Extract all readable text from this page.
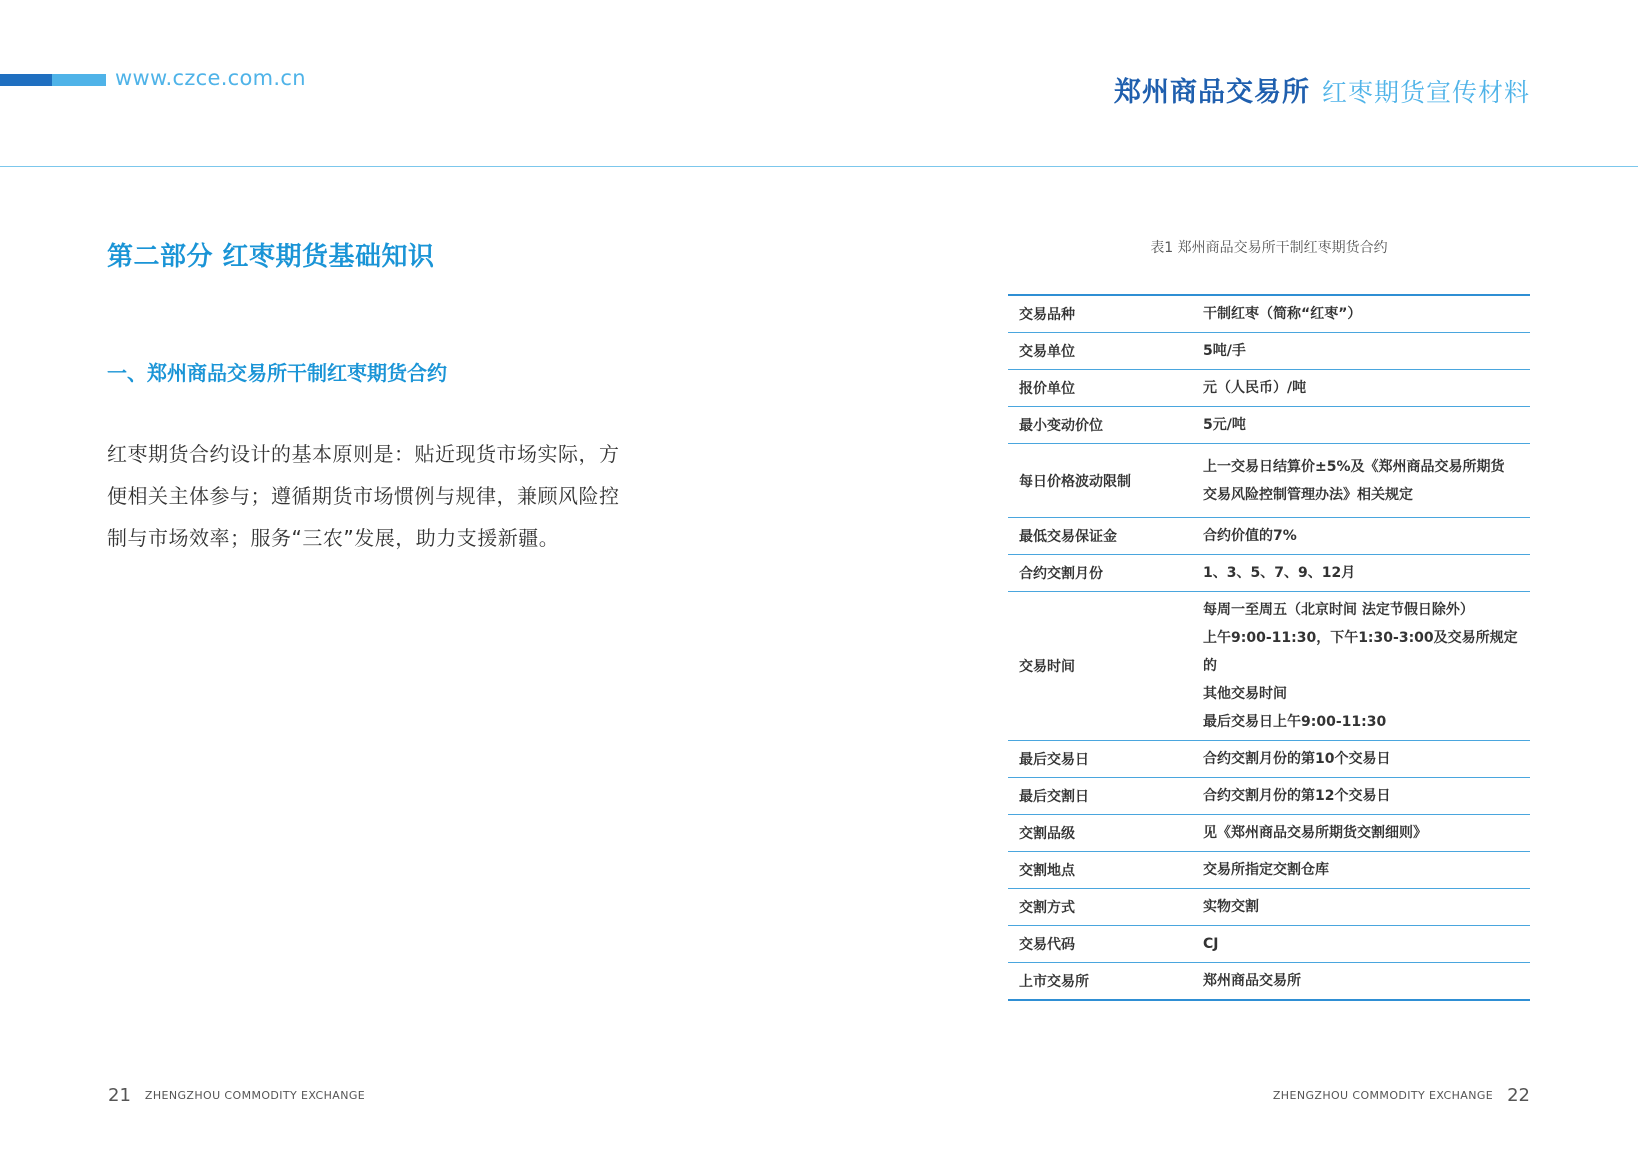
www.czce.com.cn	郑州商品交易所 红枣期货宣传材料
第二部分 红枣期货基础知识
一、郑州商品交易所干制红枣期货合约
红枣期货合约设计的基本原则是：贴近现货市场实际，方便相关主体参与；遵循期货市场惯例与规律，兼顾风险控制与市场效率；服务“三农”发展，助力支援新疆。
表1 郑州商品交易所干制红枣期货合约
交易品种	干制红枣（简称“红枣”）

交易单位	5吨/手

报价单位	元（人民币）/吨

最小变动价位	5元/吨

每日价格波动限制	上一交易日结算价±5%及《郑州商品交易所期货
交易风险控制管理办法》相关规定

最低交易保证金	合约价值的7%

合约交割月份	1、3、5、7、9、12月

交易时间	每周一至周五（北京时间 法定节假日除外）
上午9:00-11:30，下午1:30-3:00及交易所规定的
其他交易时间
最后交易日上午9:00-11:30

最后交易日	合约交割月份的第10个交易日

最后交割日	合约交割月份的第12个交易日

交割品级	见《郑州商品交易所期货交割细则》

交割地点	交易所指定交割仓库

交割方式	实物交割

交易代码	CJ

上市交易所	郑州商品交易所
21 ZHENGZHOU COMMODITY EXCHANGE	ZHENGZHOU COMMODITY EXCHANGE 22
